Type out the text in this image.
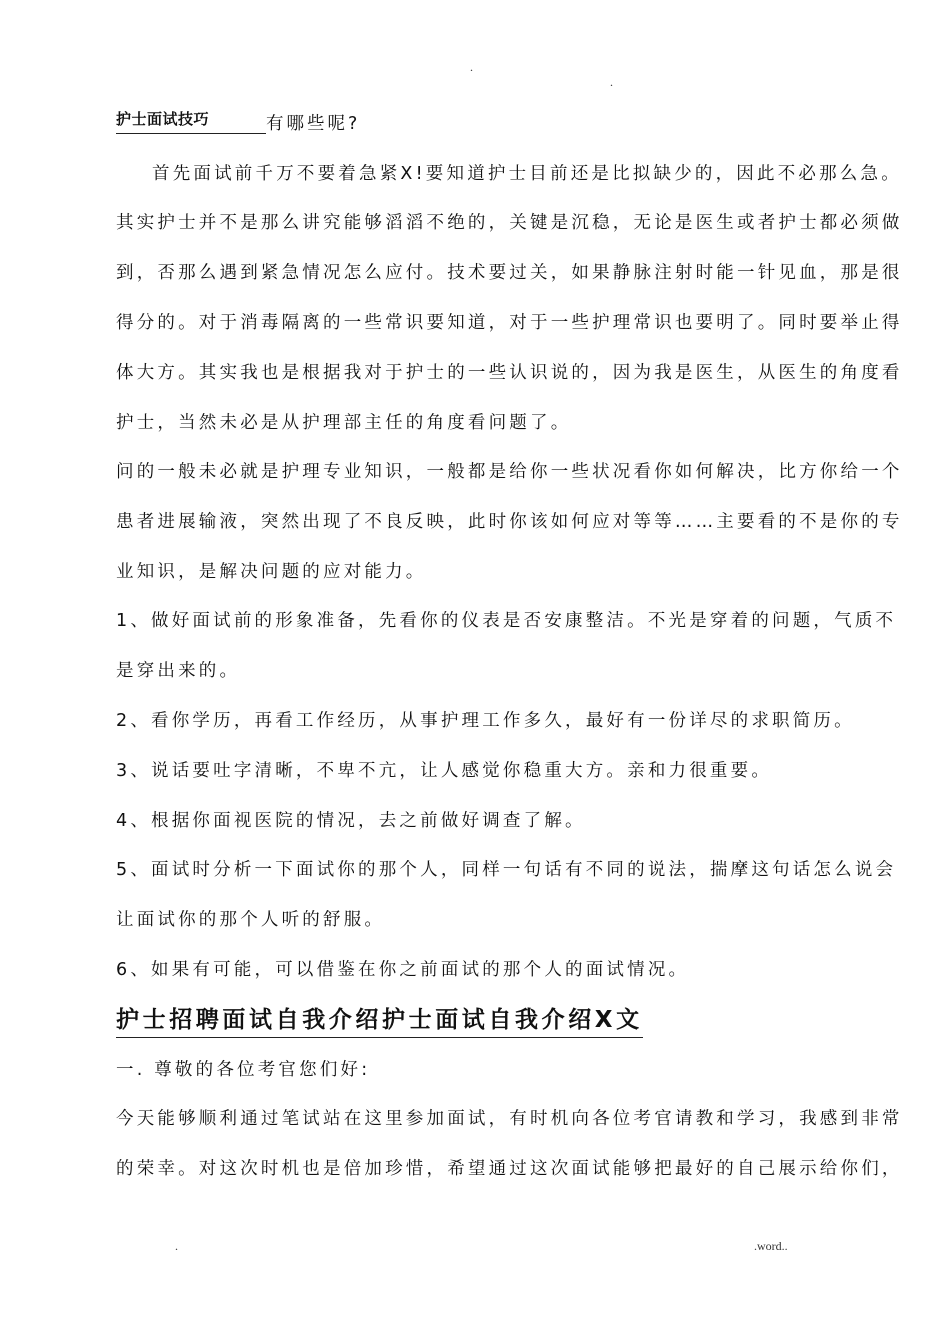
.
.
护士面试技巧	有哪些呢?
首先面试前千万不要着急紧X!要知道护士目前还是比拟缺少的，因此不必那么急。
其实护士并不是那么讲究能够滔滔不绝的，关键是沉稳，无论是医生或者护士都必须做
到，否那么遇到紧急情况怎么应付。技术要过关，如果静脉注射时能一针见血，那是很
得分的。对于消毒隔离的一些常识要知道，对于一些护理常识也要明了。同时要举止得
体大方。其实我也是根据我对于护士的一些认识说的，因为我是医生，从医生的角度看
护士，当然未必是从护理部主任的角度看问题了。
问的一般未必就是护理专业知识，一般都是给你一些状况看你如何解决，比方你给一个
患者进展输液，突然出现了不良反映，此时你该如何应对等等……主要看的不是你的专
业知识，是解决问题的应对能力。
1、做好面试前的形象准备，先看你的仪表是否安康整洁。不光是穿着的问题，气质不
是穿出来的。
2、看你学历，再看工作经历，从事护理工作多久，最好有一份详尽的求职简历。
3、说话要吐字清晰，不卑不亢，让人感觉你稳重大方。亲和力很重要。
4、根据你面视医院的情况，去之前做好调查了解。
5、面试时分析一下面试你的那个人，同样一句话有不同的说法，揣摩这句话怎么说会
让面试你的那个人听的舒服。
6、如果有可能，可以借鉴在你之前面试的那个人的面试情况。
护士招聘面试自我介绍护士面试自我介绍X文
一. 尊敬的各位考官您们好:
今天能够顺利通过笔试站在这里参加面试，有时机向各位考官请教和学习，我感到非常
的荣幸。对这次时机也是倍加珍惜，希望通过这次面试能够把最好的自己展示给你们，
.	.word..
